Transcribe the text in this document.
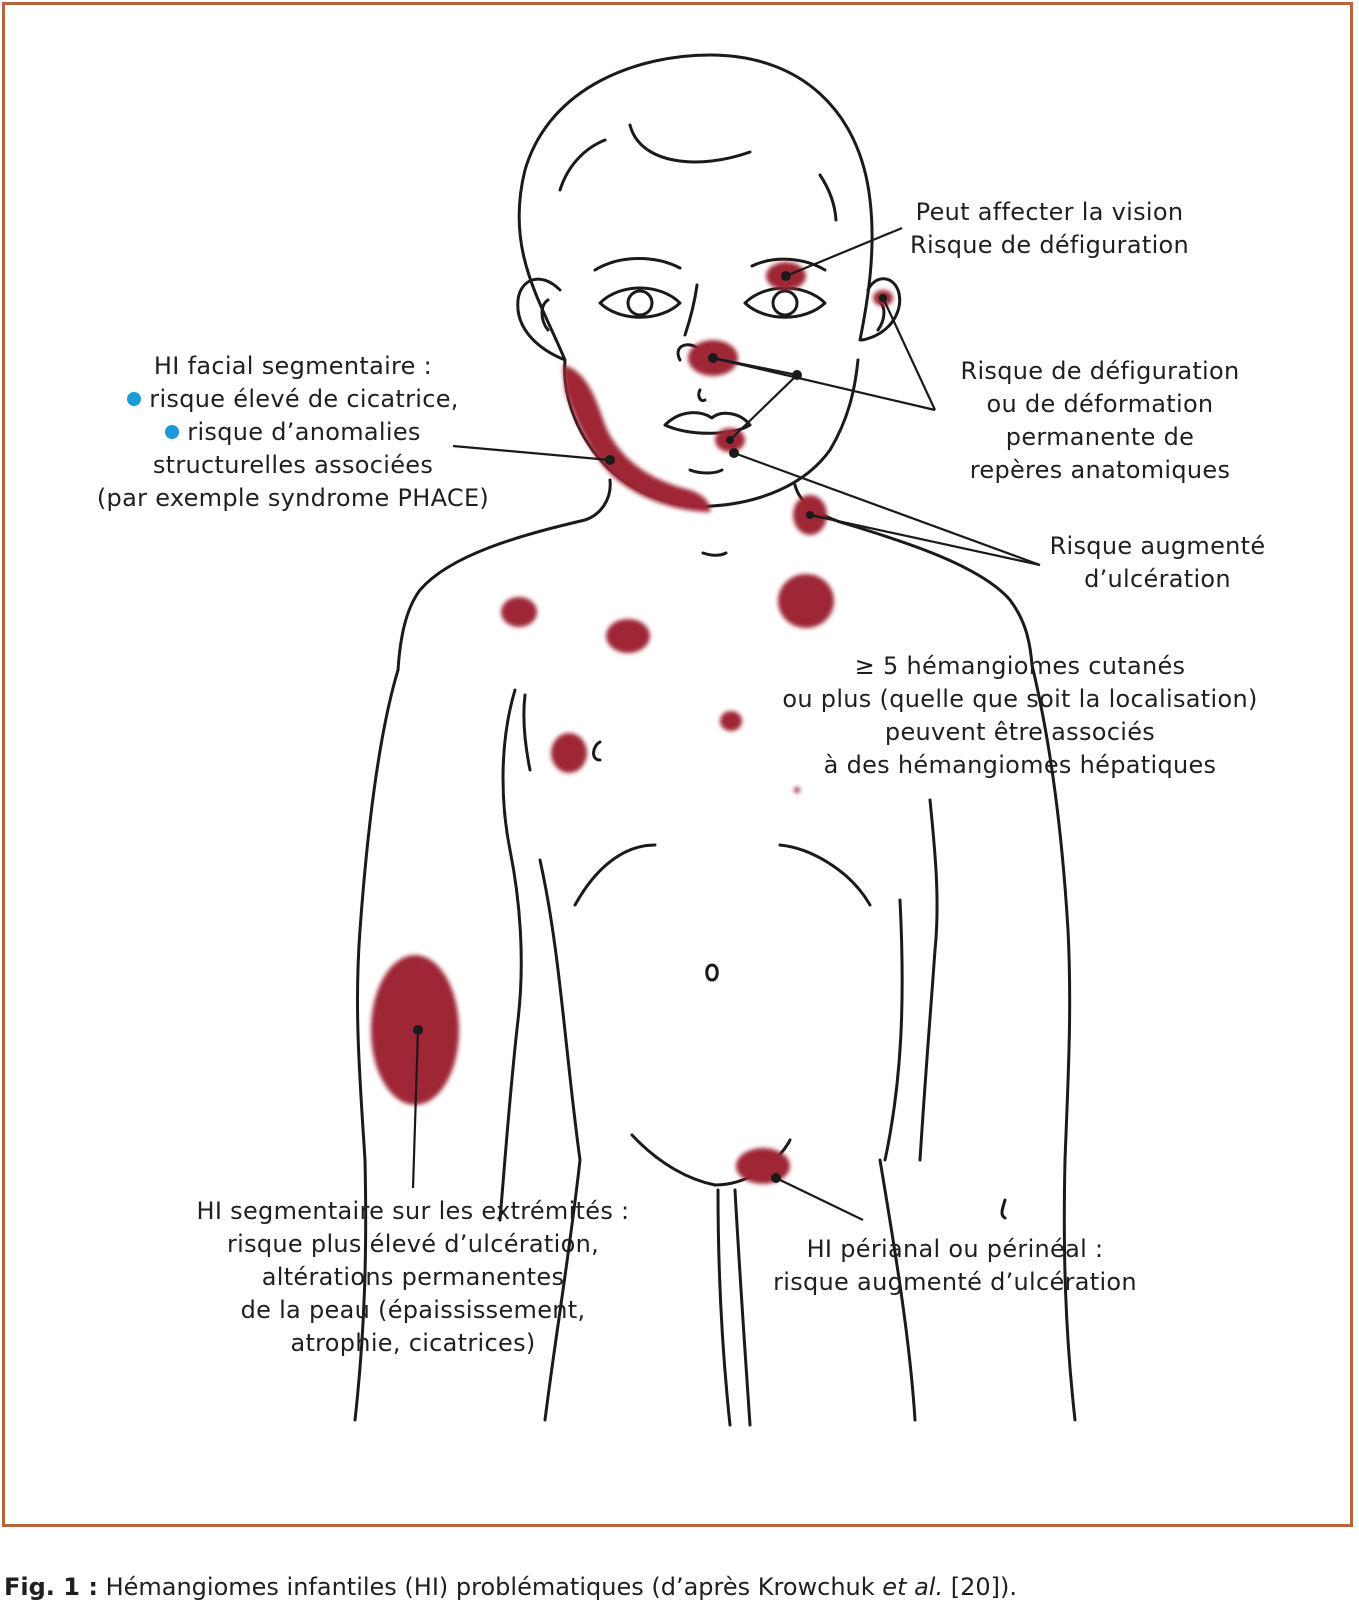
Peut affecter la vision
Risque de défiguration
HI facial segmentaire :
risque élevé de cicatrice,
risque d’anomalies
structurelles associées
(par exemple syndrome PHACE)
Risque de défiguration
ou de déformation
permanente de
repères anatomiques
Risque augmenté
d’ulcération
≥ 5 hémangiomes cutanés
ou plus (quelle que soit la localisation)
peuvent être associés
à des hémangiomes hépatiques
HI segmentaire sur les extrémités :
risque plus élevé d’ulcération,
altérations permanentes
de la peau (épaississement,
atrophie, cicatrices)
HI périanal ou périnéal :
risque augmenté d’ulcération
Fig. 1 : Hémangiomes infantiles (HI) problématiques (d’après Krowchuk et al. [20]).
